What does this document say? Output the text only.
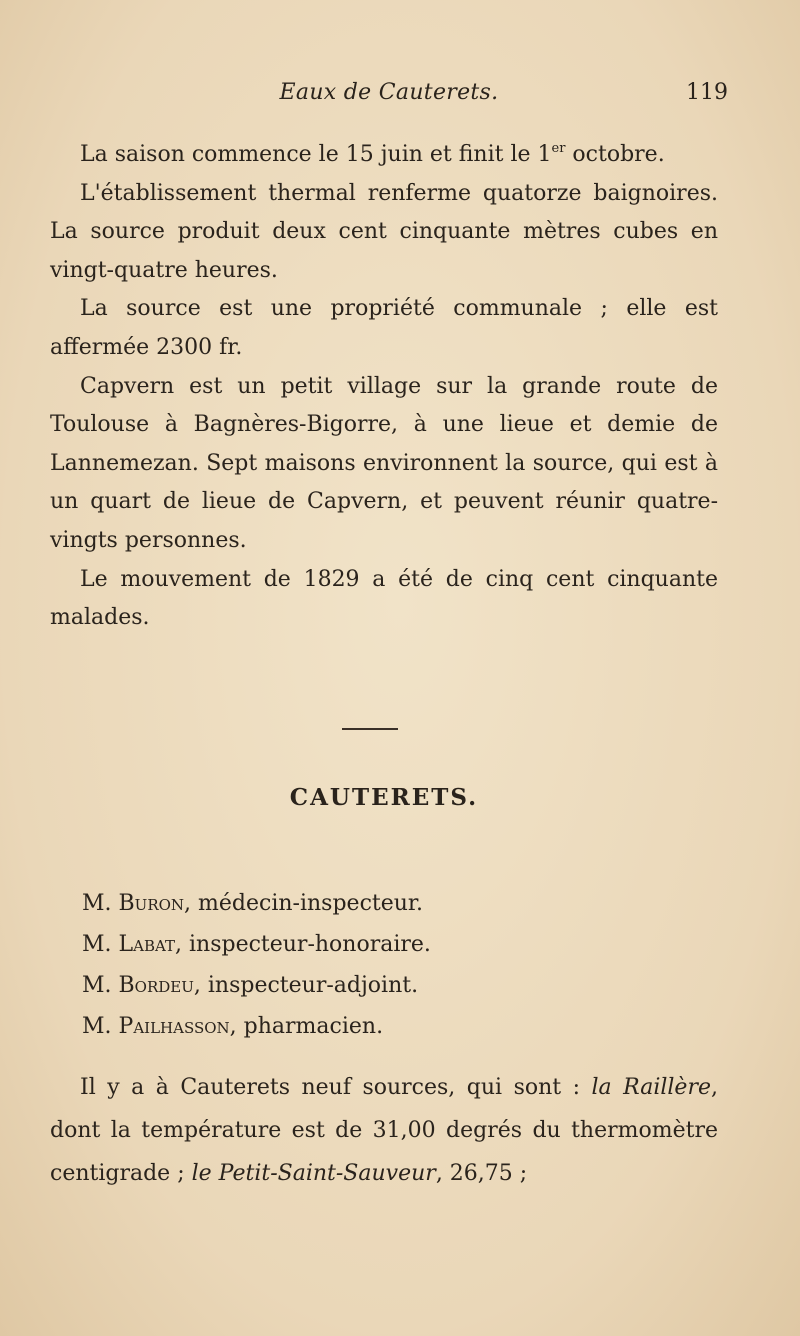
Eaux de Cauterets.	119

La saison commence le 15 juin et finit le 1er octobre.

L'établissement thermal renferme quatorze baignoires. La source produit deux cent cinquante mètres cubes en vingt-quatre heures.

La source est une propriété communale ; elle est affermée 2300 fr.

Capvern est un petit village sur la grande route de Toulouse à Bagnères-Bigorre, à une lieue et demie de Lannemezan. Sept maisons environnent la source, qui est à un quart de lieue de Capvern, et peuvent réunir quatre-vingts personnes.

Le mouvement de 1829 a été de cinq cent cinquante malades.

CAUTERETS.
M. Buron, médecin-inspecteur.
M. Labat, inspecteur-honoraire.
M. Bordeu, inspecteur-adjoint.
M. Pailhasson, pharmacien.

Il y a à Cauterets neuf sources, qui sont : la Raillère, dont la température est de 31,00 degrés du thermomètre centigrade ; le Petit-Saint-Sauveur, 26,75 ;
